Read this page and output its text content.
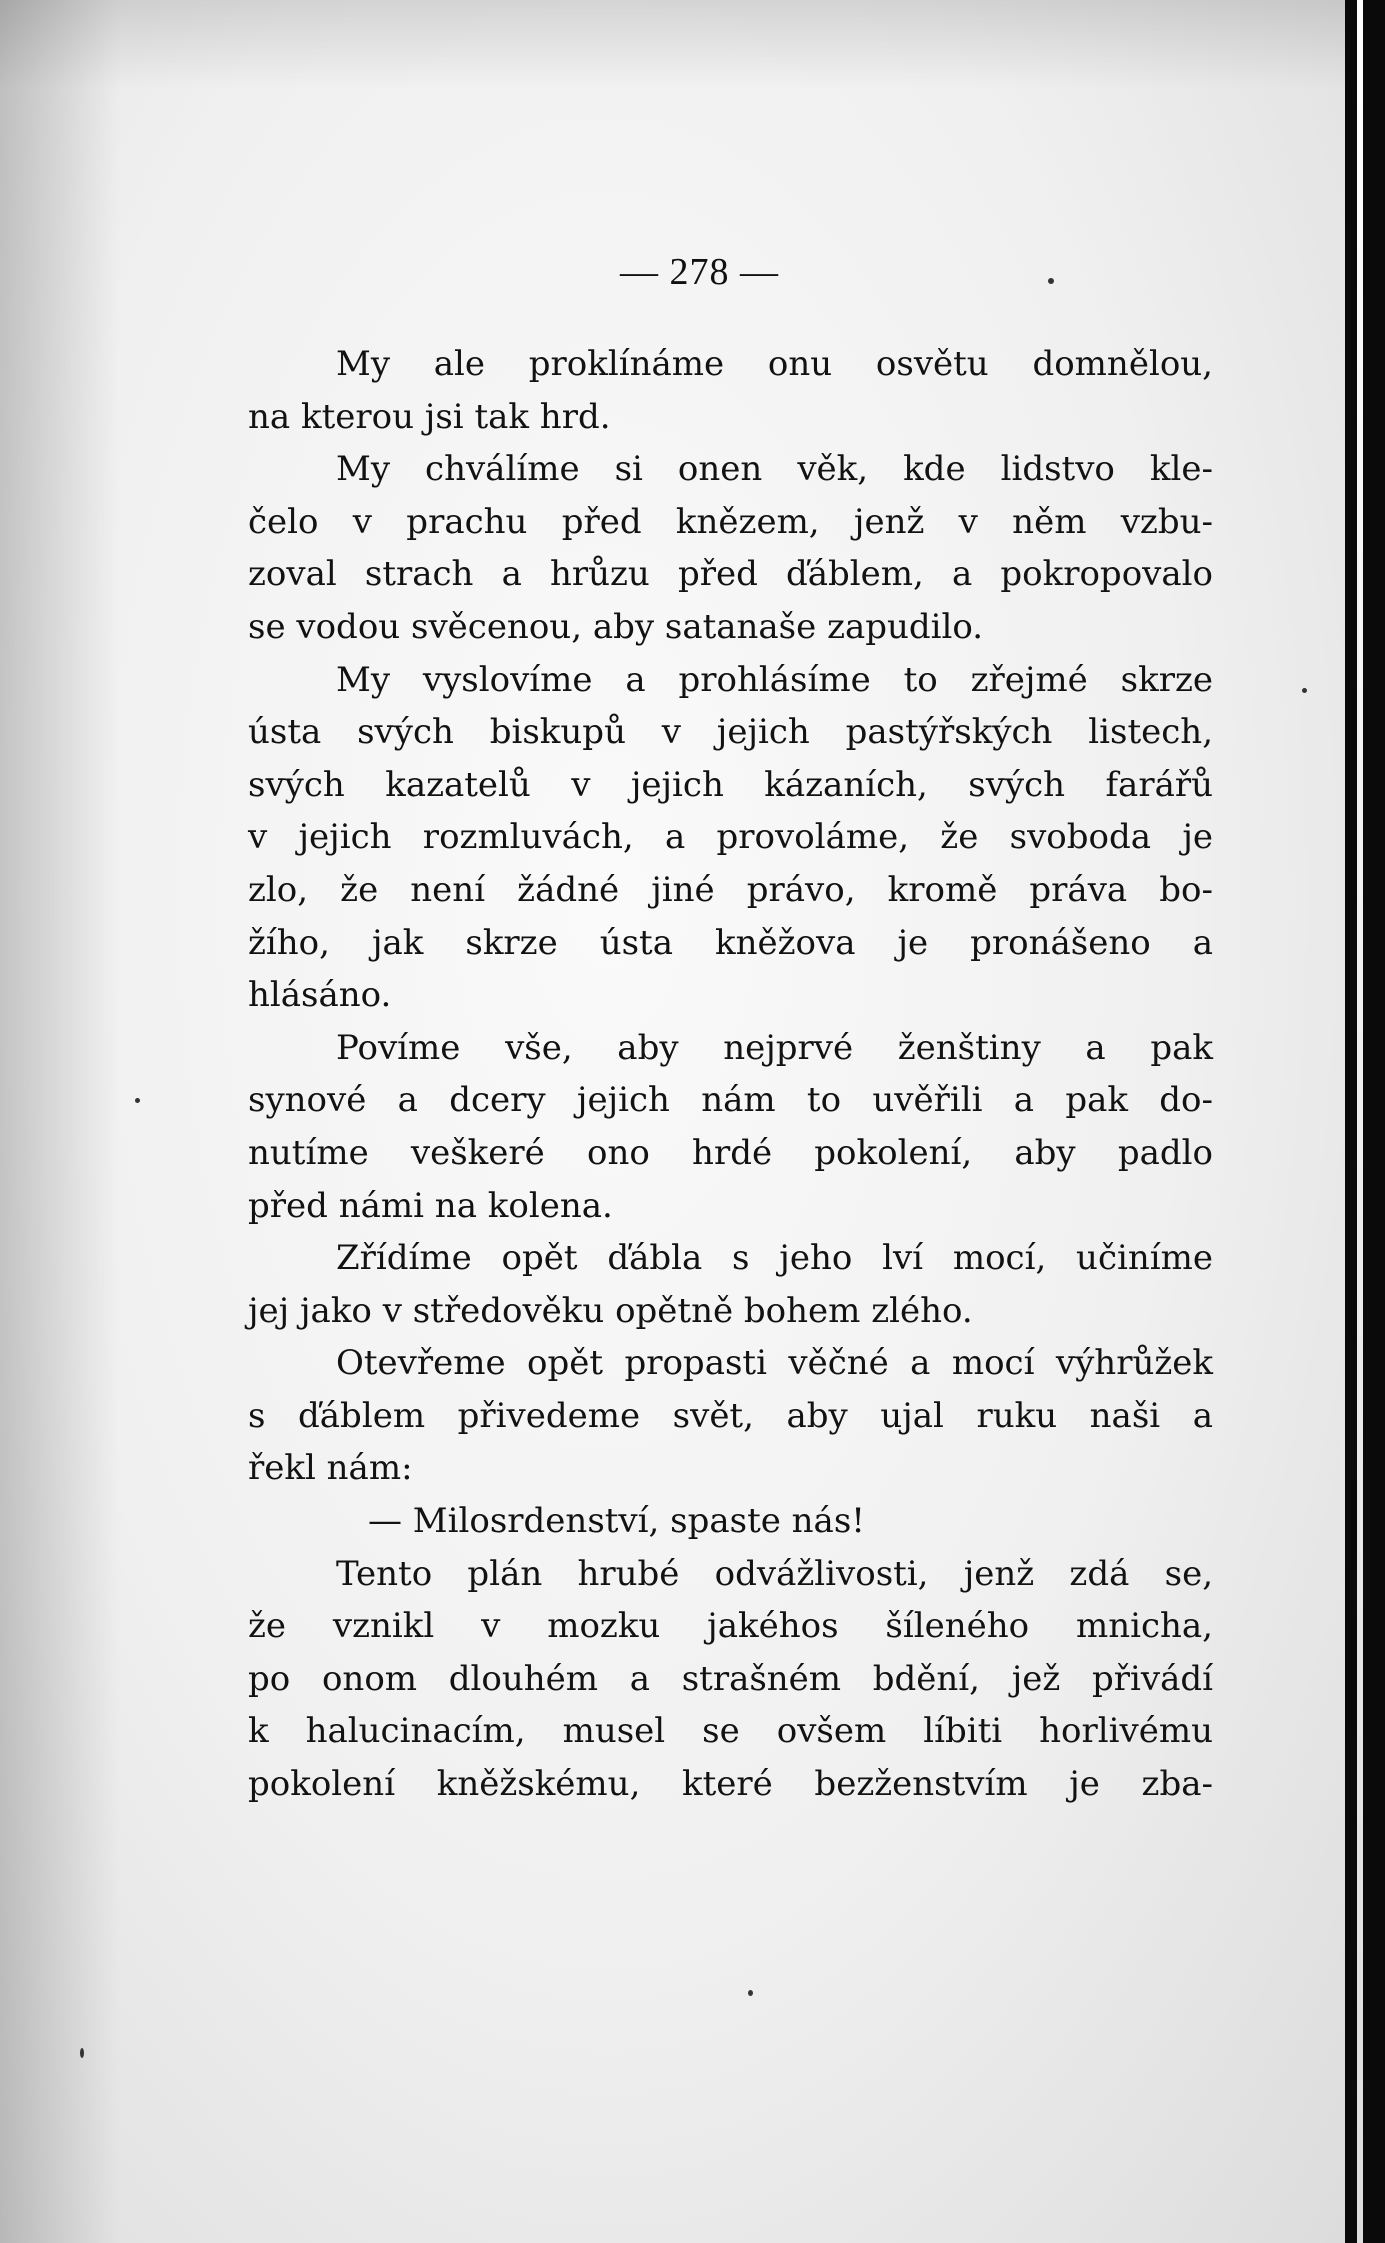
— 278 —
My ale proklínáme onu osvětu domnělou,
na kterou jsi tak hrd.
My chválíme si onen věk, kde lidstvo kle-
čelo v prachu před knězem, jenž v něm vzbu-
zoval strach a hrůzu před ďáblem, a pokropovalo
se vodou svěcenou, aby satanaše zapudilo.
My vyslovíme a prohlásíme to zřejmé skrze
ústa svých biskupů v jejich pastýřských listech,
svých kazatelů v jejich kázaních, svých farářů
v jejich rozmluvách, a provoláme, že svoboda je
zlo, že není žádné jiné právo, kromě práva bo-
žího, jak skrze ústa kněžova je pronášeno a
hlásáno.
Povíme vše, aby nejprvé ženštiny a pak
synové a dcery jejich nám to uvěřili a pak do-
nutíme veškeré ono hrdé pokolení, aby padlo
před námi na kolena.
Zřídíme opět ďábla s jeho lví mocí, učiníme
jej jako v středověku opětně bohem zlého.
Otevřeme opět propasti věčné a mocí výhrůžek
s ďáblem přivedeme svět, aby ujal ruku naši a
řekl nám:
— Milosrdenství, spaste nás!
Tento plán hrubé odvážlivosti, jenž zdá se,
že vznikl v mozku jakéhos šíleného mnicha,
po onom dlouhém a strašném bdění, jež přivádí
k halucinacím, musel se ovšem líbiti horlivému
pokolení kněžskému, které bezženstvím je zba-
